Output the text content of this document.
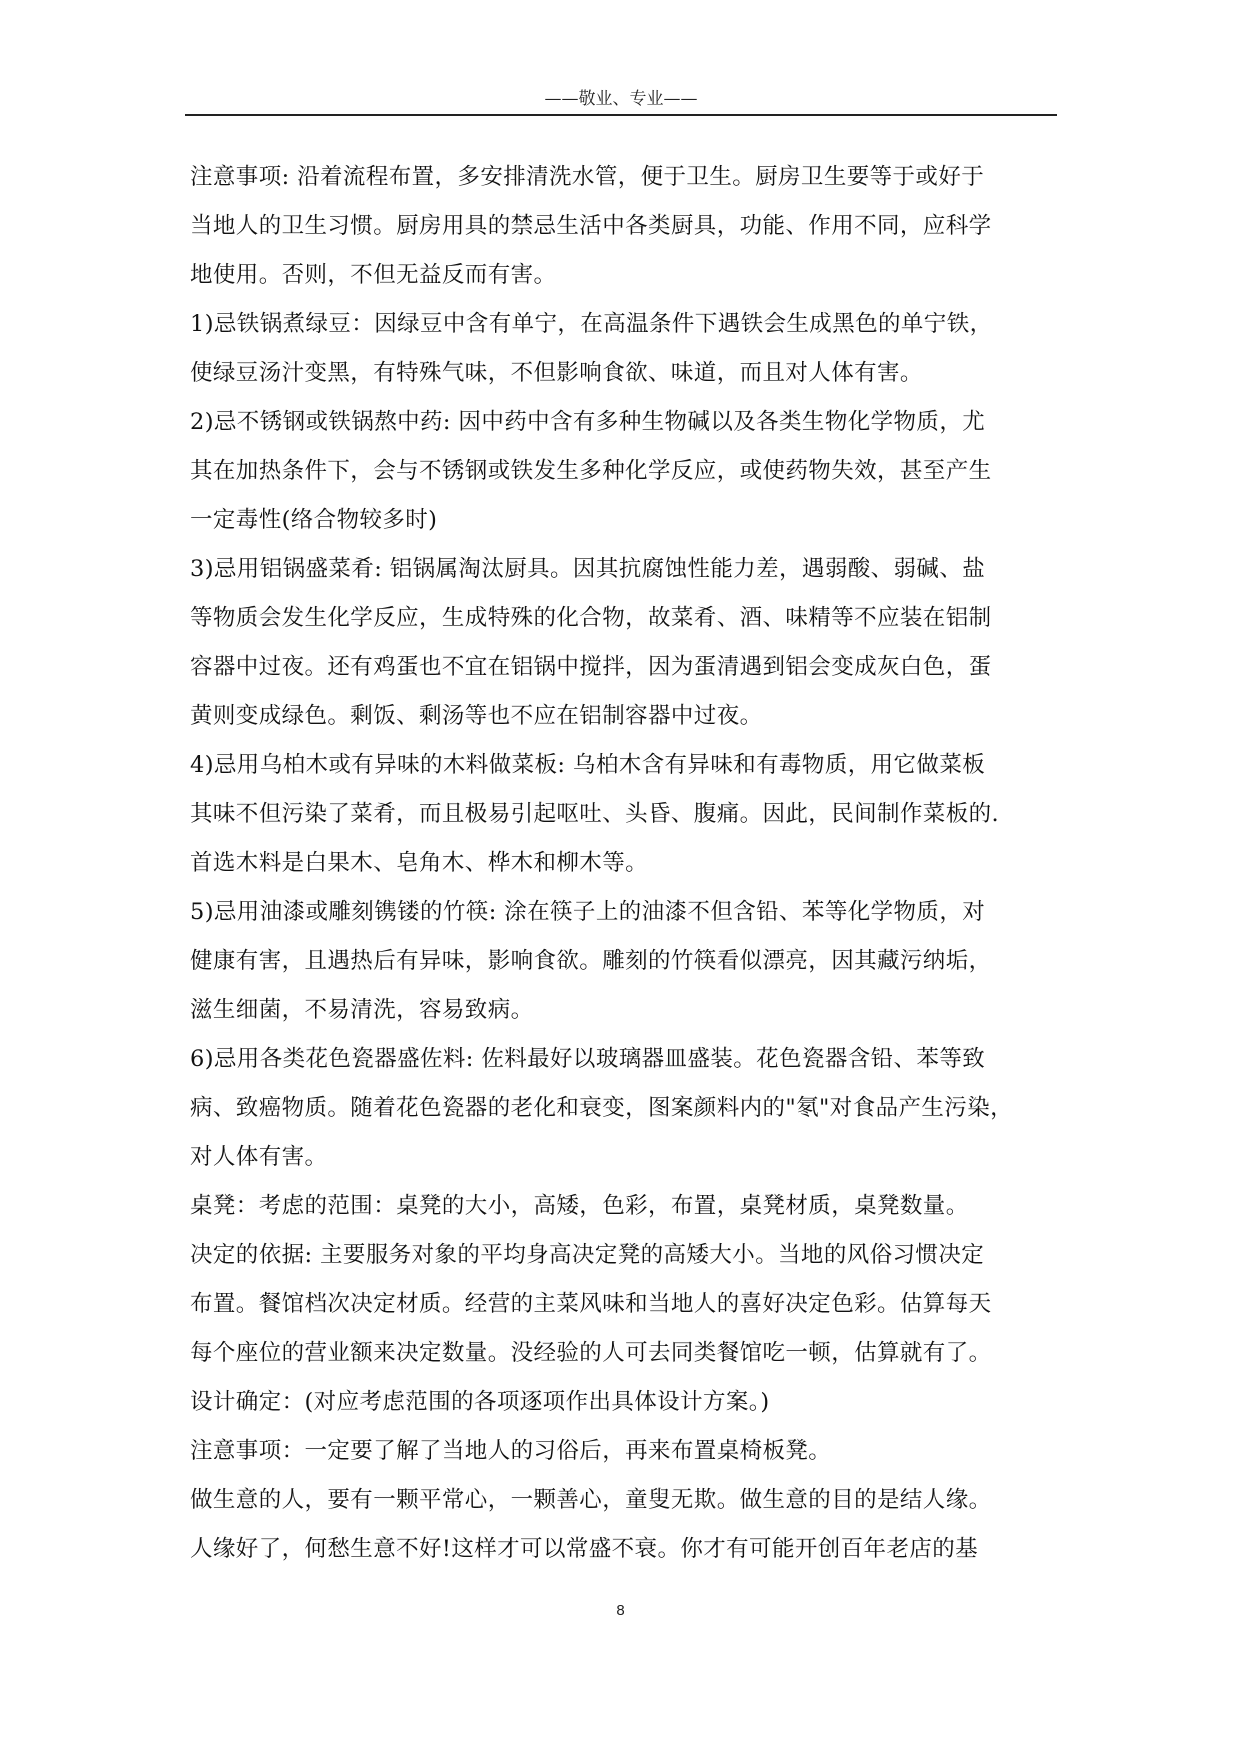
——敬业、专业——
注意事项: 沿着流程布置，多安排清洗水管，便于卫生。厨房卫生要等于或好于
当地人的卫生习惯。厨房用具的禁忌生活中各类厨具，功能、作用不同，应科学
地使用。否则，不但无益反而有害。
1)忌铁锅煮绿豆：因绿豆中含有单宁，在高温条件下遇铁会生成黑色的单宁铁，
使绿豆汤汁变黑，有特殊气味，不但影响食欲、味道，而且对人体有害。
2)忌不锈钢或铁锅熬中药: 因中药中含有多种生物碱以及各类生物化学物质，尤
其在加热条件下，会与不锈钢或铁发生多种化学反应，或使药物失效，甚至产生
一定毒性(络合物较多时)
3)忌用铝锅盛菜肴: 铝锅属淘汰厨具。因其抗腐蚀性能力差，遇弱酸、弱碱、盐
等物质会发生化学反应，生成特殊的化合物，故菜肴、酒、味精等不应装在铝制
容器中过夜。还有鸡蛋也不宜在铝锅中搅拌，因为蛋清遇到铝会变成灰白色，蛋
黄则变成绿色。剩饭、剩汤等也不应在铝制容器中过夜。
4)忌用乌柏木或有异味的木料做菜板: 乌柏木含有异味和有毒物质，用它做菜板
其味不但污染了菜肴，而且极易引起呕吐、头昏、腹痛。因此，民间制作菜板的.
首选木料是白果木、皂角木、桦木和柳木等。
5)忌用油漆或雕刻镌镂的竹筷: 涂在筷子上的油漆不但含铅、苯等化学物质，对
健康有害，且遇热后有异味，影响食欲。雕刻的竹筷看似漂亮，因其藏污纳垢，
滋生细菌，不易清洗，容易致病。
6)忌用各类花色瓷器盛佐料: 佐料最好以玻璃器皿盛装。花色瓷器含铅、苯等致
病、致癌物质。随着花色瓷器的老化和衰变，图案颜料内的"氡"对食品产生污染，
对人体有害。
桌凳：考虑的范围：桌凳的大小，高矮，色彩，布置，桌凳材质，桌凳数量。
决定的依据: 主要服务对象的平均身高决定凳的高矮大小。当地的风俗习惯决定
布置。餐馆档次决定材质。经营的主菜风味和当地人的喜好决定色彩。估算每天
每个座位的营业额来决定数量。没经验的人可去同类餐馆吃一顿，估算就有了。
设计确定：(对应考虑范围的各项逐项作出具体设计方案。)
注意事项：一定要了解了当地人的习俗后，再来布置桌椅板凳。
做生意的人，要有一颗平常心，一颗善心，童叟无欺。做生意的目的是结人缘。
人缘好了，何愁生意不好!这样才可以常盛不衰。你才有可能开创百年老店的基
8
